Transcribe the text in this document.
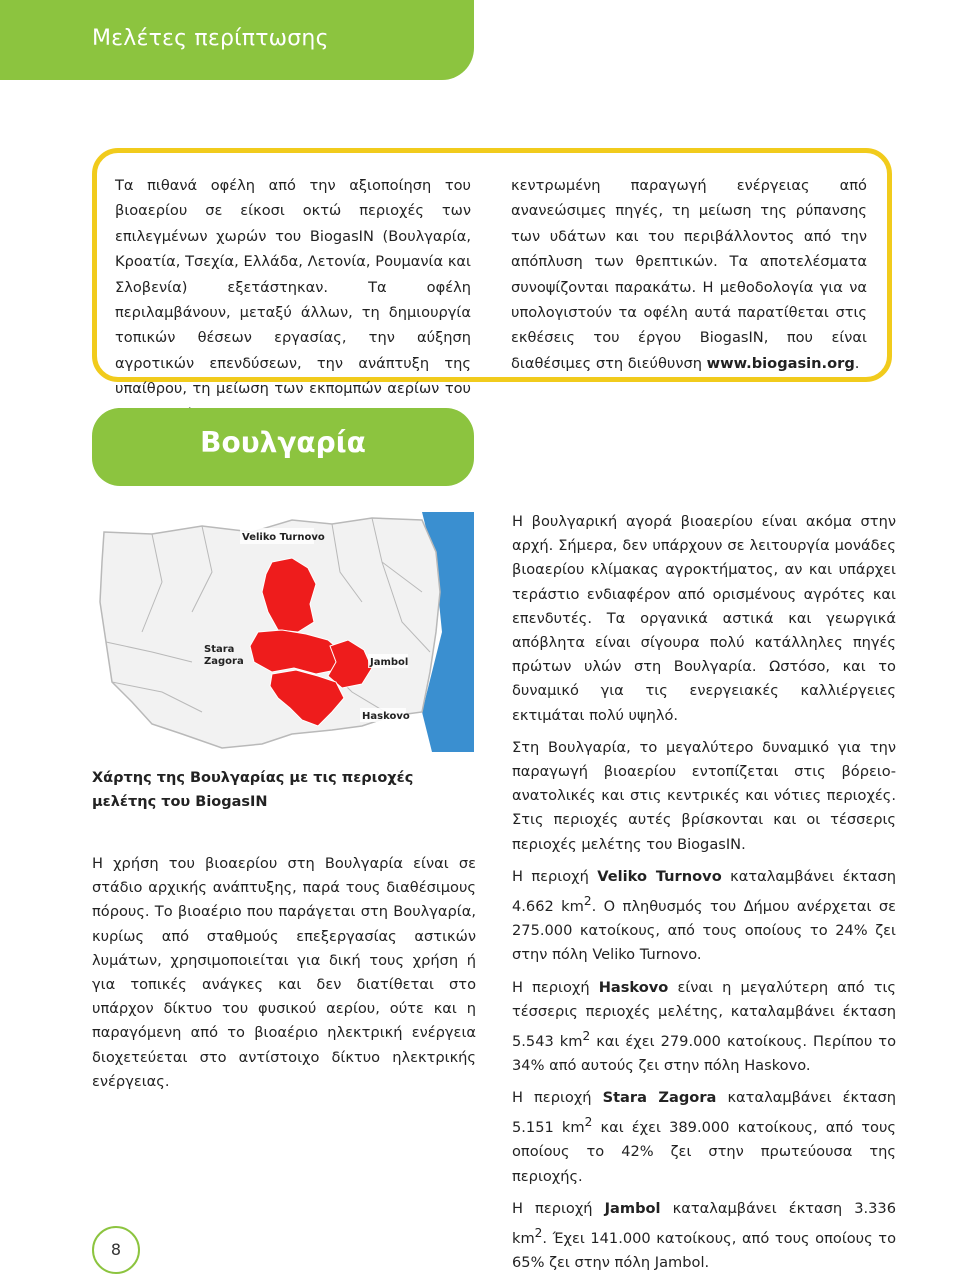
Μελέτες περίπτωσης
Τα πιθανά οφέλη από την αξιοποίηση του βιοαερίου σε είκοσι οκτώ περιοχές των επιλεγμένων χωρών του BiogasIN (Βουλγαρία, Κροατία, Τσεχία, Ελλάδα, Λετονία, Ρουμανία και Σλοβενία) εξετάστηκαν. Τα οφέλη περιλαμβάνουν, μεταξύ άλλων, τη δημιουργία τοπικών θέσεων εργασίας, την αύξηση αγροτικών επενδύσεων, την ανάπτυξη της υπαίθρου, τη μείωση των εκπομπών αερίων του
κεντρωμένη παραγωγή ενέργειας από ανανεώσιμες πηγές, τη μείωση της ρύπανσης των υδάτων και του περιβάλλοντος από την απόπλυση των θρεπτικών. Τα αποτελέσματα συνοψίζονται παρακάτω. Η μεθοδολογία για να υπολογιστούν τα οφέλη αυτά παρατίθεται στις εκθέσεις του έργου BiogasIN, που είναι διαθέσιμες στη διεύθυνση www.biogasin.org.
Βουλγαρία
Veliko Turnovo
Stara
Zagora	Jambol
Haskovo
Χάρτης της Βουλγαρίας με τις περιοχές μελέτης του BiogasIN

Η χρήση του βιοαερίου στη Βουλγαρία είναι σε στάδιο αρχικής ανάπτυξης, παρά τους διαθέσιμους πόρους. Το βιοαέριο που παράγεται στη Βουλγαρία, κυρίως από σταθμούς επεξεργασίας αστικών λυμάτων, χρησιμοποιείται για δική τους χρήση ή για τοπικές ανάγκες και δεν διατίθεται στο υπάρχον δίκτυο του φυσικού αερίου, ούτε και η παραγόμενη από το βιοαέριο ηλεκτρική ενέργεια διοχετεύεται στο αντίστοιχο δίκτυο ηλεκτρικής ενέργειας.

Η βουλγαρική αγορά βιοαερίου είναι ακόμα στην αρχή. Σήμερα, δεν υπάρχουν σε λειτουργία μονάδες βιοαερίου κλίμακας αγροκτήματος, αν και υπάρχει τεράστιο ενδιαφέρον από ορισμένους αγρότες και επενδυτές. Τα οργανικά αστικά και γεωργικά απόβλητα είναι σίγουρα πολύ κατάλληλες πηγές πρώτων υλών στη Βουλγαρία. Ωστόσο, και το δυναμικό για τις ενεργειακές καλλιέργειες εκτιμάται πολύ υψηλό.

Στη Βουλγαρία, το μεγαλύτερο δυναμικό για την παραγωγή βιοαερίου εντοπίζεται στις βόρειο-ανατολικές και στις κεντρικές και νότιες περιοχές. Στις περιοχές αυτές βρίσκονται και οι τέσσερις περιοχές μελέτης του BiogasIN.

Η περιοχή Veliko Turnovo καταλαμβάνει έκταση 4.662 $km^2$. Ο πληθυσμός του Δήμου ανέρχεται σε 275.000 κατοίκους, από τους οποίους το 24% ζει στην πόλη Veliko Turnovo.

Η περιοχή Haskovo είναι η μεγαλύτερη από τις τέσσερις περιοχές μελέτης, καταλαμβάνει έκταση 5.543 $km^2$ και έχει 279.000 κατοίκους. Περίπου το 34% από αυτούς ζει στην πόλη Haskovo.

Η περιοχή Stara Zagora καταλαμβάνει έκταση 5.151 $km^2$ και έχει 389.000 κατοίκους, από τους οποίους το 42% ζει στην πρωτεύουσα της περιοχής.

Η περιοχή Jambol καταλαμβάνει έκταση 3.336 $km^2$. Έχει 141.000 κατοίκους, από τους οποίους το 65% ζει στην πόλη Jambol.

8
